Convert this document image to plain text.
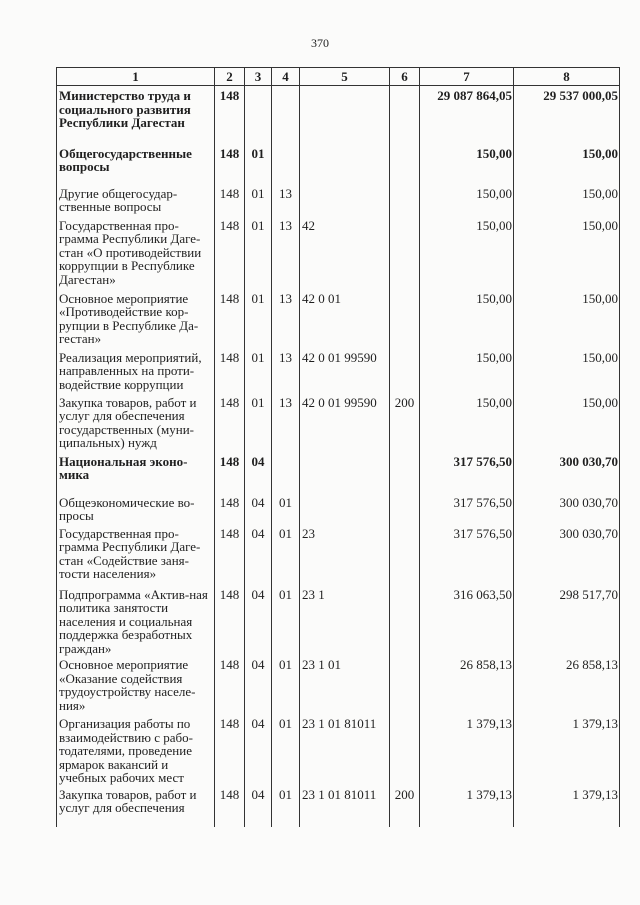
370
1	2	3	4	5	6	7	8
Министерство труда и социального развития Республики Дагестан	148					29 087 864,05	29 537 000,05
Общегосударственные вопросы	148	01				150,00	150,00
Другие общегосудар-ственные вопросы	148	01	13			150,00	150,00
Государственная про-грамма Республики Даге-стан «О противодействии коррупции в Республике Дагестан»	148	01	13	42		150,00	150,00
Основное мероприятие «Противодействие кор-рупции в Республике Да-гестан»	148	01	13	42 0 01		150,00	150,00
Реализация мероприятий, направленных на проти-водействие коррупции	148	01	13	42 0 01 99590		150,00	150,00
Закупка товаров, работ и услуг для обеспечения государственных (муни-ципальных) нужд	148	01	13	42 0 01 99590	200	150,00	150,00
Национальная эконо-мика	148	04				317 576,50	300 030,70
Общеэкономические во-просы	148	04	01			317 576,50	300 030,70
Государственная про-грамма Республики Даге-стан «Содействие заня-тости населения»	148	04	01	23		317 576,50	300 030,70
Подпрограмма «Актив-ная политика занятости населения и социальная поддержка безработных граждан»	148	04	01	23 1		316 063,50	298 517,70
Основное мероприятие «Оказание содействия трудоустройству населе-ния»	148	04	01	23 1 01		26 858,13	26 858,13
Организация работы по взаимодействию с рабо-тодателями, проведение ярмарок вакансий и учебных рабочих мест	148	04	01	23 1 01 81011		1 379,13	1 379,13
Закупка товаров, работ и услуг для обеспечения	148	04	01	23 1 01 81011	200	1 379,13	1 379,13
